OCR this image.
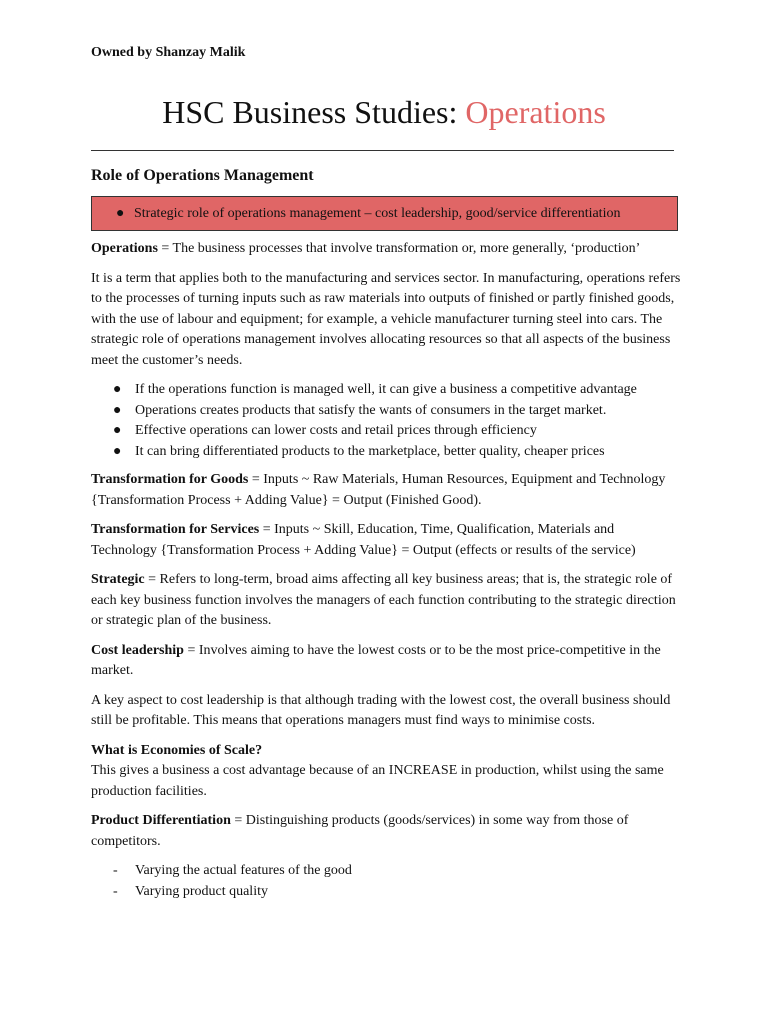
Owned by Shanzay Malik
HSC Business Studies: Operations
Role of Operations Management
● Strategic role of operations management – cost leadership, good/service differentiation

Operations = The business processes that involve transformation or, more generally, ‘production’

It is a term that applies both to the manufacturing and services sector. In manufacturing, operations refers to the processes of turning inputs such as raw materials into outputs of finished or partly finished goods, with the use of labour and equipment; for example, a vehicle manufacturer turning steel into cars. The strategic role of operations management involves allocating resources so that all aspects of the business meet the customer’s needs.

● If the operations function is managed well, it can give a business a competitive advantage
● Operations creates products that satisfy the wants of consumers in the target market.
● Effective operations can lower costs and retail prices through efficiency
● It can bring differentiated products to the marketplace, better quality, cheaper prices

Transformation for Goods = Inputs ~ Raw Materials, Human Resources, Equipment and Technology {Transformation Process + Adding Value} = Output (Finished Good).

Transformation for Services = Inputs ~ Skill, Education, Time, Qualification, Materials and Technology {Transformation Process + Adding Value} = Output (effects or results of the service)

Strategic = Refers to long-term, broad aims affecting all key business areas; that is, the strategic role of each key business function involves the managers of each function contributing to the strategic direction or strategic plan of the business.

Cost leadership = Involves aiming to have the lowest costs or to be the most price-competitive in the market.

A key aspect to cost leadership is that although trading with the lowest cost, the overall business should still be profitable. This means that operations managers must find ways to minimise costs.

What is Economies of Scale?
This gives a business a cost advantage because of an INCREASE in production, whilst using the same production facilities.

Product Differentiation = Distinguishing products (goods/services) in some way from those of competitors.

- Varying the actual features of the good
- Varying product quality
